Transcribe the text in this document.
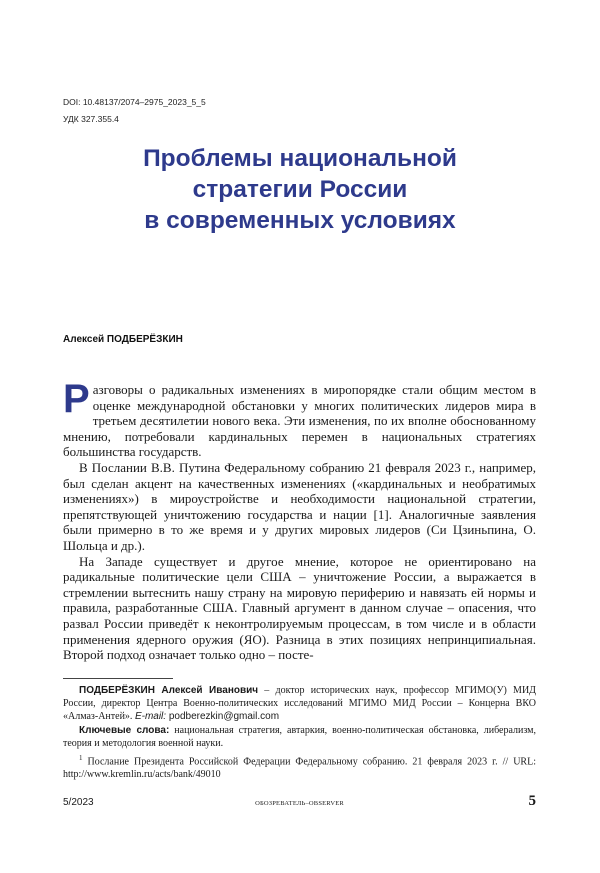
DOI: 10.48137/2074–2975_2023_5_5
УДК 327.355.4
Проблемы национальной
стратегии России
в современных условиях
Алексей ПОДБЕРЁЗКИН

Разговоры о радикальных изменениях в миропорядке стали общим местом в оценке международной обстановки у многих политических лидеров мира в третьем десятилетии нового века. Эти изменения, по их вполне обоснованному мнению, потребовали кардинальных перемен в национальных стратегиях большинства государств.

В Послании В.В. Путина Федеральному собранию 21 февраля 2023 г., например, был сделан акцент на качественных изменениях («кардинальных и необратимых изменениях») в мироустройстве и необходимости национальной стратегии, препятствующей уничтожению государства и нации [1]. Аналогичные заявления были примерно в то же время и у других мировых лидеров (Си Цзиньпина, О. Шольца и др.).

На Западе существует и другое мнение, которое не ориентировано на радикальные политические цели США – уничтожение России, а выражается в стремлении вытеснить нашу страну на мировую периферию и навязать ей нормы и правила, разработанные США. Главный аргумент в данном случае – опасения, что развал России приведёт к неконтролируемым процессам, в том числе и в области применения ядерного оружия (ЯО). Разница в этих позициях непринципиальная. Второй подход означает только одно – посте-

ПОДБЕРЁЗКИН Алексей Иванович – доктор исторических наук, профессор МГИМО(У) МИД России, директор Центра Военно-политических исследований МГИМО МИД России – Концерна ВКО «Алмаз-Антей». E-mail: podberezkin@gmail.com

Ключевые слова: национальная стратегия, автаркия, военно-политическая обстановка, либерализм, теория и методология военной науки.

$^1$ Послание Президента Российской Федерации Федеральному собранию. 21 февраля 2023 г. // URL: http://www.kremlin.ru/acts/bank/49010

5/2023	ОБОЗРЕВАТЕЛЬ–OBSERVER	5
